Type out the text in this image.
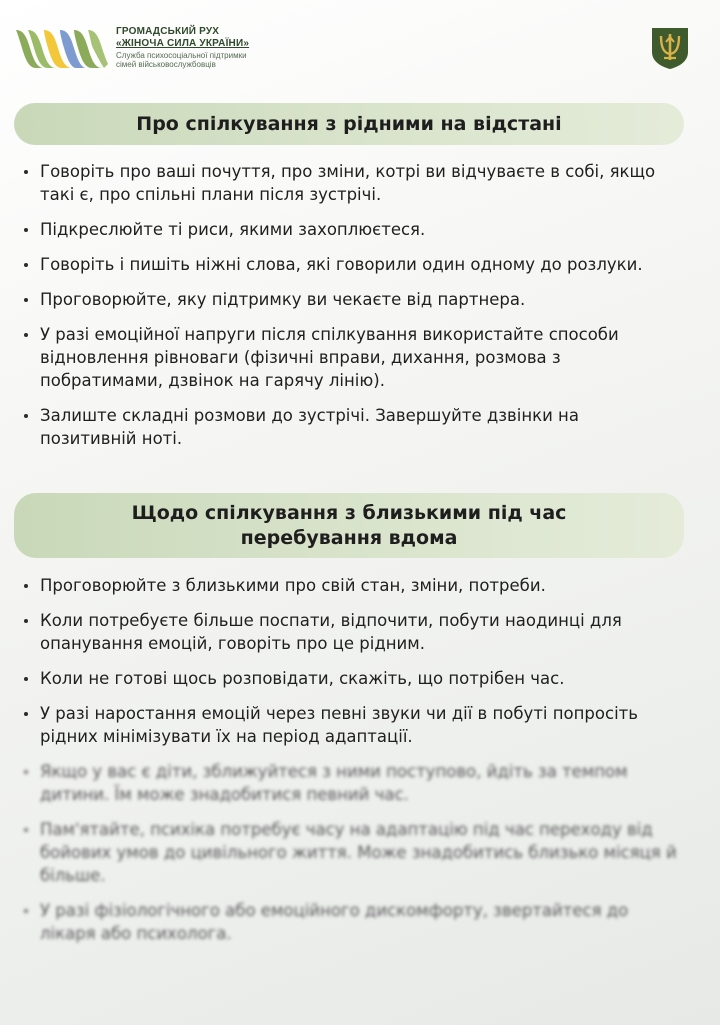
ГРОМАДСЬКИЙ РУХ
«ЖІНОЧА СИЛА УКРАЇНИ»
Служба психосоціальної підтримки
сімей військовослужбовців
Про спілкування з рідними на відстані
Говоріть про ваші почуття, про зміни, котрі ви відчуваєте в собі, якщо такі є, про спільні плани після зустрічі.
Підкреслюйте ті риси, якими захоплюєтеся.
Говоріть і пишіть ніжні слова, які говорили один одному до розлуки.
Проговорюйте, яку підтримку ви чекаєте від партнера.
У разі емоційної напруги після спілкування використайте способи відновлення рівноваги (фізичні вправи, дихання, розмова з побратимами, дзвінок на гарячу лінію).
Залиште складні розмови до зустрічі. Завершуйте дзвінки на позитивній ноті.
Щодо спілкування з близькими під час
перебування вдома
Проговорюйте з близькими про свій стан, зміни, потреби.
Коли потребуєте більше поспати, відпочити, побути наодинці для опанування емоцій, говоріть про це рідним.
Коли не готові щось розповідати, скажіть, що потрібен час.
У разі наростання емоцій через певні звуки чи дії в побуті попросіть рідних мінімізувати їх на період адаптації.
Якщо у вас є діти, зближуйтеся з ними поступово, йдіть за темпом дитини. Їм може знадобитися певний час.
Пам'ятайте, психіка потребує часу на адаптацію під час переходу від бойових умов до цивільного життя. Може знадобитись близько місяця й більше.
У разі фізіологічного або емоційного дискомфорту, звертайтеся до лікаря або психолога.
